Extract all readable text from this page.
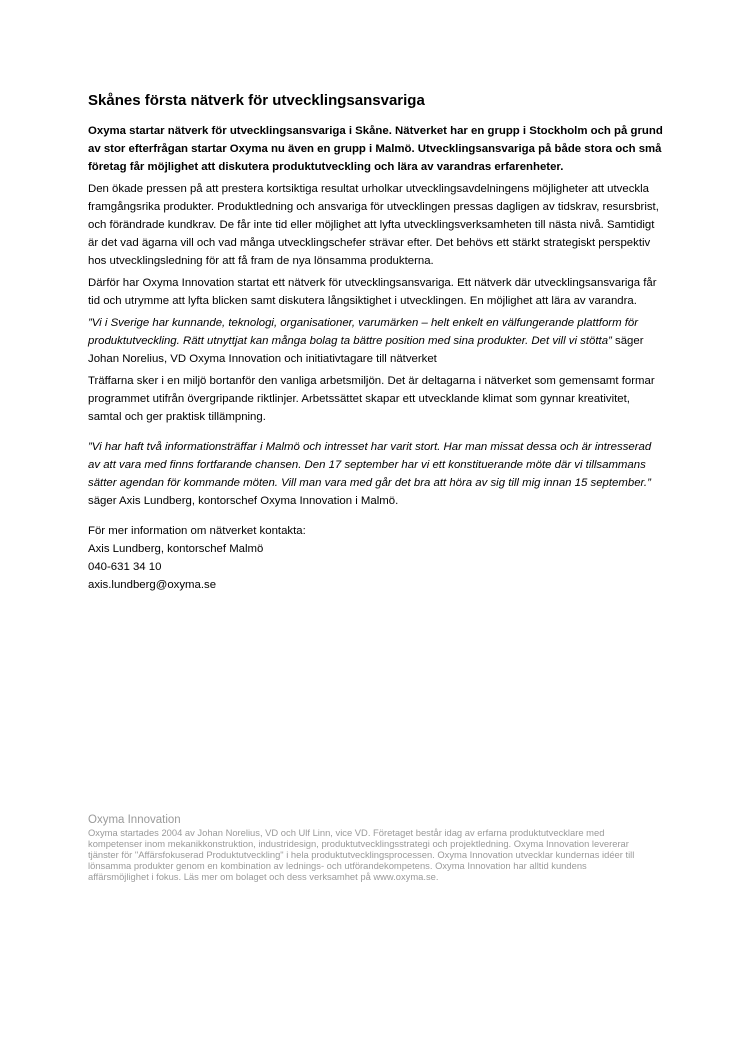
Skånes första nätverk för utvecklingsansvariga

Oxyma startar nätverk för utvecklingsansvariga i Skåne. Nätverket har en grupp i Stockholm och på grund av stor efterfrågan startar Oxyma nu även en grupp i Malmö. Utvecklingsansvariga på både stora och små företag får möjlighet att diskutera produktutveckling och lära av varandras erfarenheter.

Den ökade pressen på att prestera kortsiktiga resultat urholkar utvecklingsavdelningens möjligheter att utveckla framgångsrika produkter. Produktledning och ansvariga för utvecklingen pressas dagligen av tidskrav, resursbrist, och förändrade kundkrav. De får inte tid eller möjlighet att lyfta utvecklingsverksamheten till nästa nivå. Samtidigt är det vad ägarna vill och vad många utvecklingschefer strävar efter. Det behövs ett stärkt strategiskt perspektiv hos utvecklingsledning för att få fram de nya lönsamma produkterna.

Därför har Oxyma Innovation startat ett nätverk för utvecklingsansvariga. Ett nätverk där utvecklingsansvariga får tid och utrymme att lyfta blicken samt diskutera långsiktighet i utvecklingen. En möjlighet att lära av varandra.

”Vi i Sverige har kunnande, teknologi, organisationer, varumärken – helt enkelt en välfungerande plattform för produktutveckling. Rätt utnyttjat kan många bolag ta bättre position med sina produkter. Det vill vi stötta” säger Johan Norelius, VD Oxyma Innovation och initiativtagare till nätverket

Träffarna sker i en miljö bortanför den vanliga arbetsmiljön. Det är deltagarna i nätverket som gemensamt formar programmet utifrån övergripande riktlinjer. Arbetssättet skapar ett utvecklande klimat som gynnar kreativitet, samtal och ger praktisk tillämpning.

”Vi har haft två informationsträffar i Malmö och intresset har varit stort. Har man missat dessa och är intresserad av att vara med finns fortfarande chansen. Den 17 september har vi ett konstituerande möte där vi tillsammans sätter agendan för kommande möten. Vill man vara med går det bra att höra av sig till mig innan 15 september.” säger Axis Lundberg, kontorschef Oxyma Innovation i Malmö.

För mer information om nätverket kontakta:
Axis Lundberg, kontorschef Malmö
040-631 34 10
axis.lundberg@oxyma.se

Oxyma Innovation

Oxyma startades 2004 av Johan Norelius, VD och Ulf Linn, vice VD. Företaget består idag av erfarna produktutvecklare med kompetenser inom mekanikkonstruktion, industridesign, produktutvecklingsstrategi och projektledning. Oxyma Innovation levererar tjänster för "Affärsfokuserad Produktutveckling" i hela produktutvecklingsprocessen. Oxyma Innovation utvecklar kundernas idéer till lönsamma produkter genom en kombination av lednings- och utförandekompetens. Oxyma Innovation har alltid kundens affärsmöjlighet i fokus. Läs mer om bolaget och dess verksamhet på www.oxyma.se.
